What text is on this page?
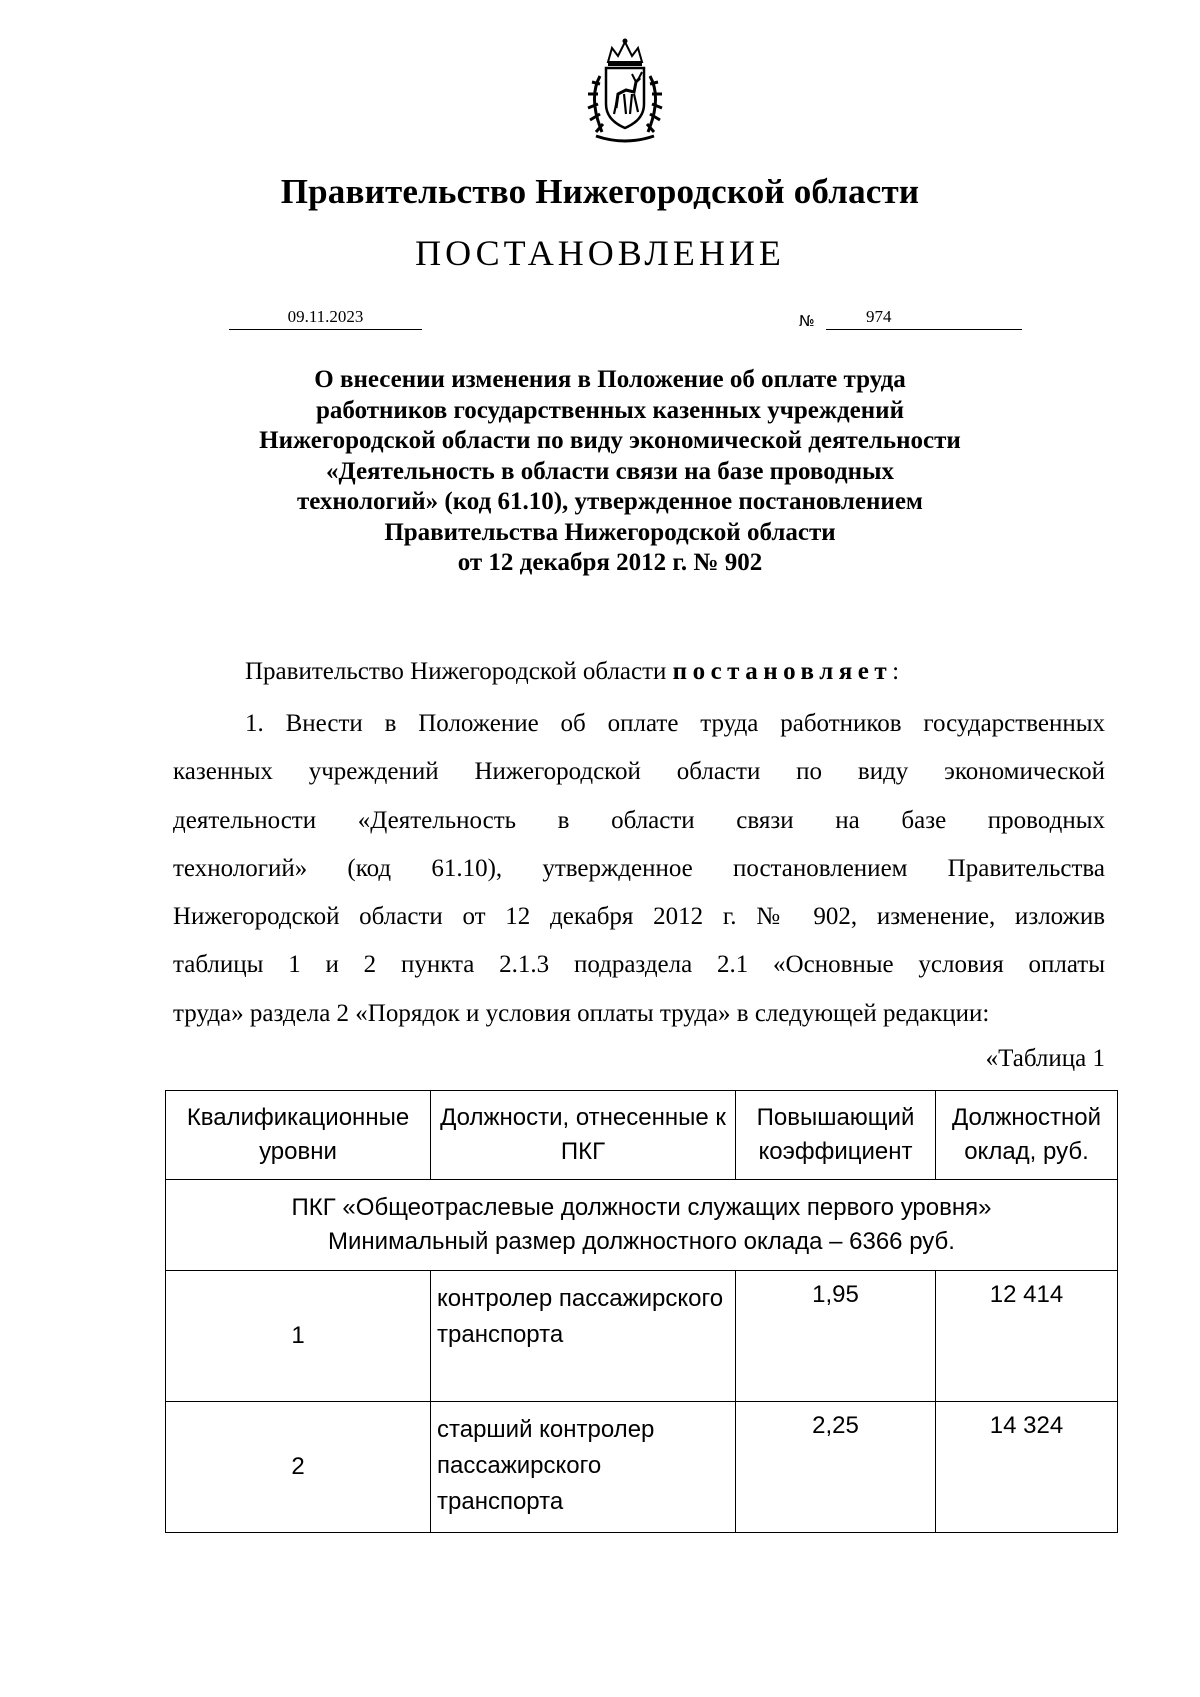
Правительство Нижегородской области
ПОСТАНОВЛЕНИЕ
09.11.2023	№	974
О внесении изменения в Положение об оплате труда
работников государственных казенных учреждений
Нижегородской области по виду экономической деятельности
«Деятельность в области связи на базе проводных
технологий» (код 61.10), утвержденное постановлением
Правительства Нижегородской области
от 12 декабря 2012 г. № 902
Правительство Нижегородской области постановляет:
1. Внести в Положение об оплате труда работников государственных
казенных учреждений Нижегородской области по виду экономической
деятельности «Деятельность в области связи на базе проводных
технологий» (код 61.10), утвержденное постановлением Правительства
Нижегородской области от 12 декабря 2012 г. № 902, изменение, изложив
таблицы 1 и 2 пункта 2.1.3 подраздела 2.1 «Основные условия оплаты
труда» раздела 2 «Порядок и условия оплаты труда» в следующей редакции:
«Таблица 1
Квалификационные уровни	Должности, отнесенные к ПКГ	Повышающий коэффициент	Должностной оклад, руб.

ПКГ «Общеотраслевые должности служащих первого уровня»
Минимальный размер должностного оклада – 6366 руб.			

1	контролер пассажирского транспорта	1,95	12 414
2	старший контролер пассажирского транспорта	2,25	14 324
